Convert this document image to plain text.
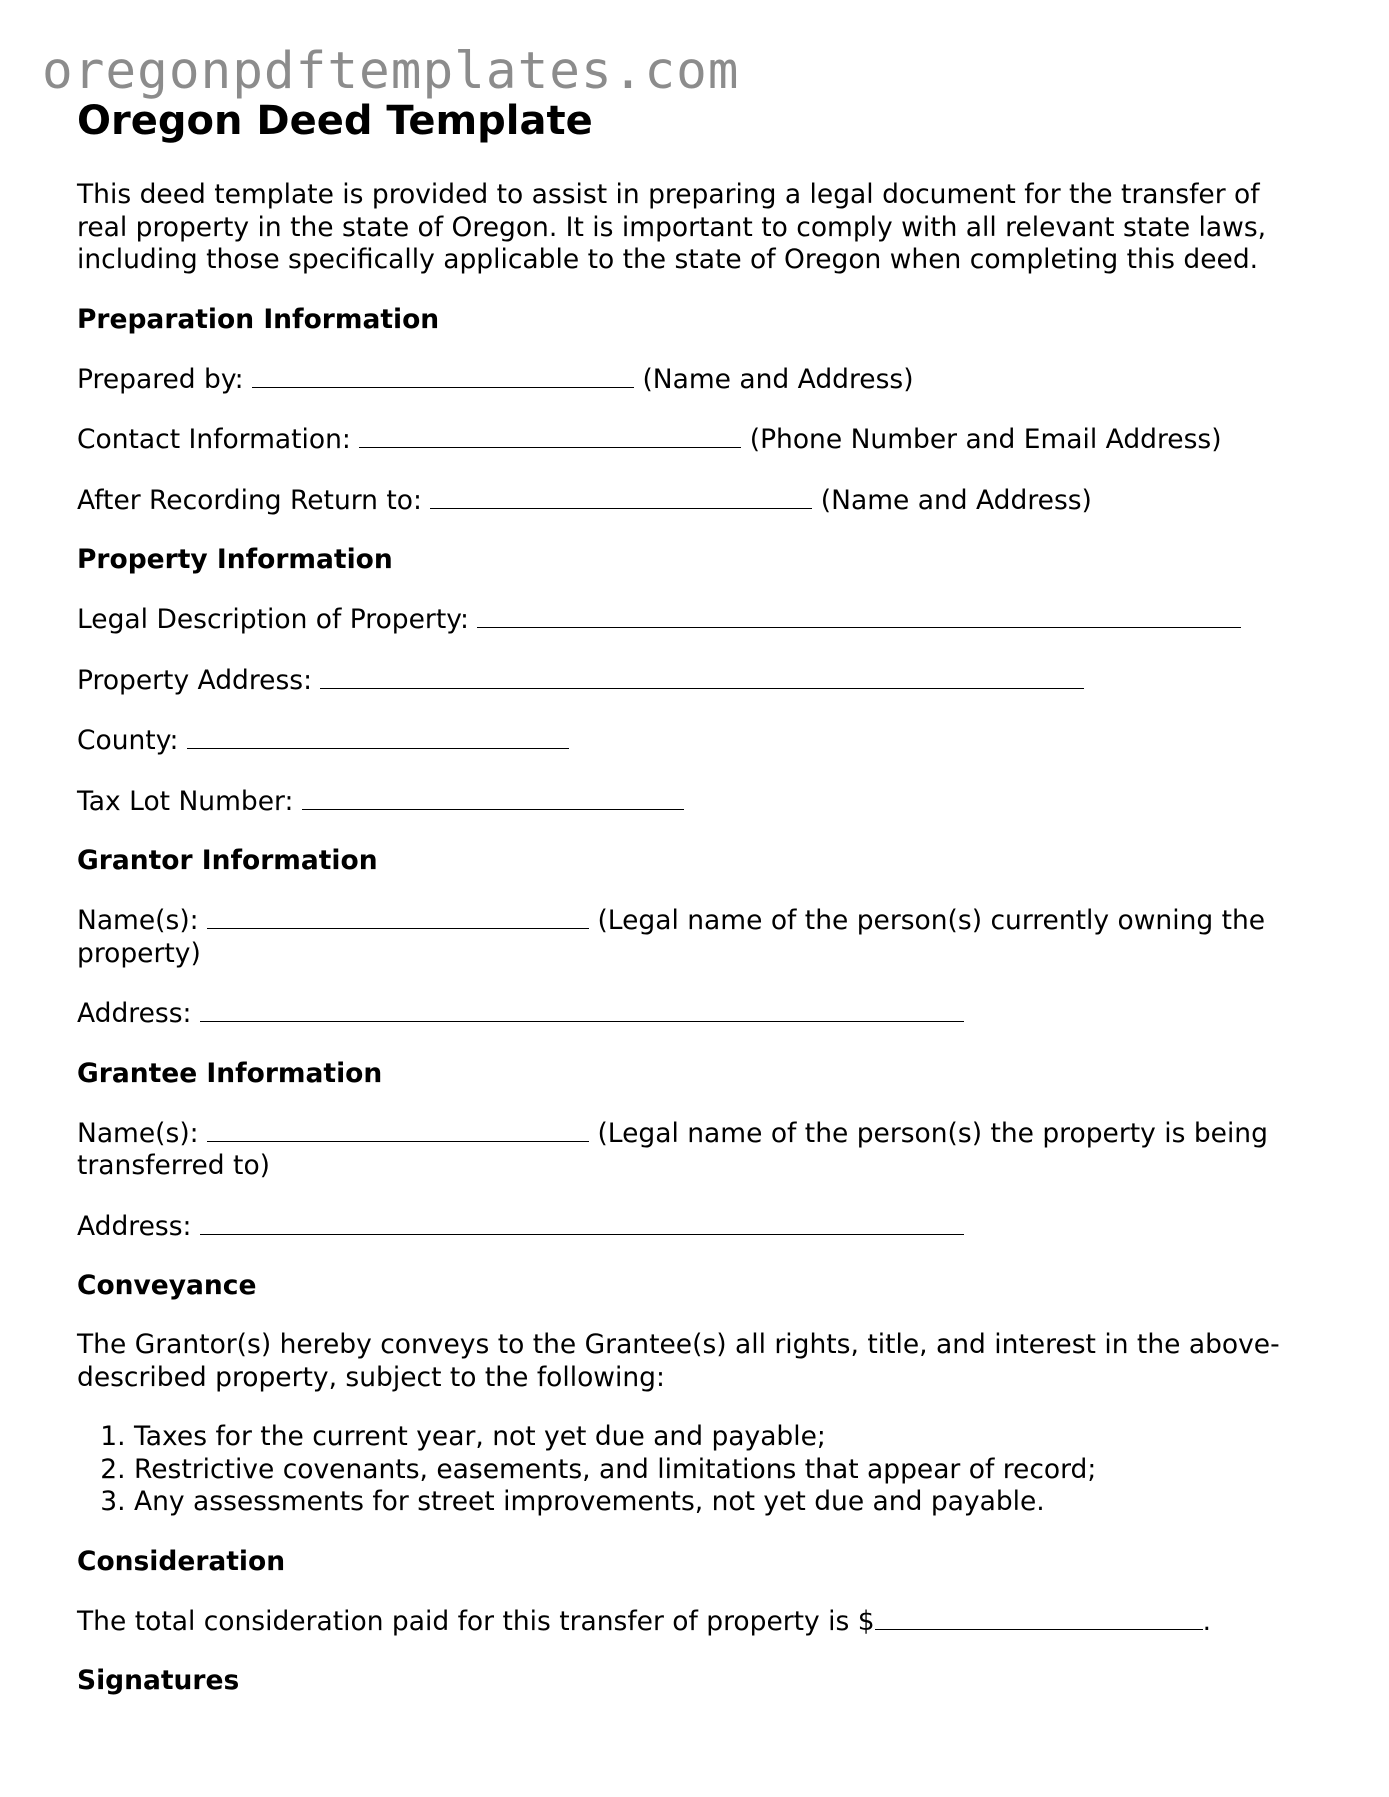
oregonpdftemplates.com
Oregon Deed Template

This deed template is provided to assist in preparing a legal document for the transfer of real property in the state of Oregon. It is important to comply with all relevant state laws, including those specifically applicable to the state of Oregon when completing this deed.

Preparation Information

Prepared by:	(Name and Address)

Contact Information:	(Phone Number and Email Address)

After Recording Return to:	(Name and Address)

Property Information

Legal Description of Property:

Property Address:

County:

Tax Lot Number:

Grantor Information

Name(s):	(Legal name of the person(s) currently owning the property)

Address:

Grantee Information

Name(s):	(Legal name of the person(s) the property is being transferred to)

Address:

Conveyance

The Grantor(s) hereby conveys to the Grantee(s) all rights, title, and interest in the above-described property, subject to the following:

1. Taxes for the current year, not yet due and payable;
2. Restrictive covenants, easements, and limitations that appear of record;
3. Any assessments for street improvements, not yet due and payable.
Consideration

The total consideration paid for this transfer of property is $	.

Signatures
